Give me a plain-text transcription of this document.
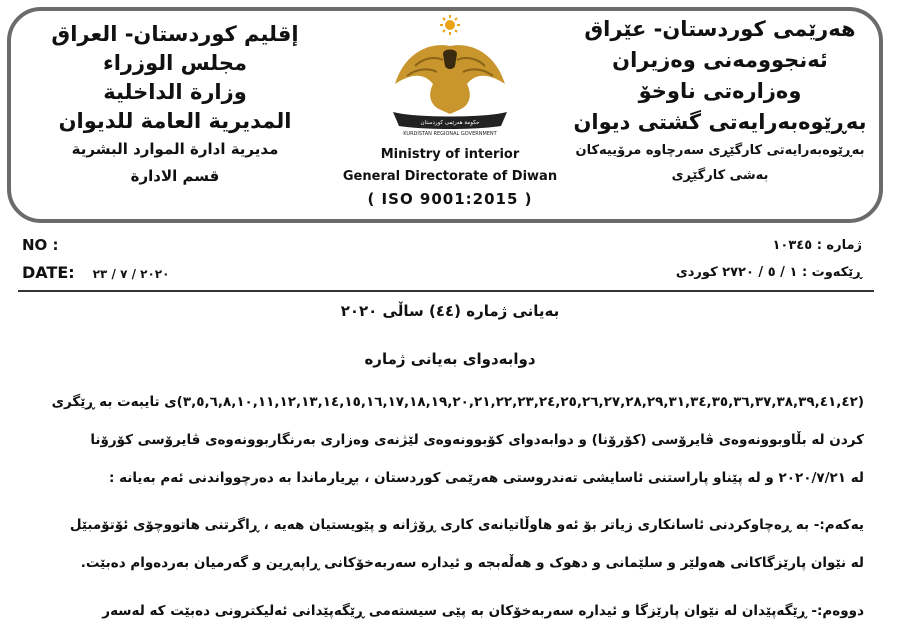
إقليم كوردستان- العراق
مجلس الوزراء
وزارة الداخلية
المديرية العامة للديوان
مديرية ادارة الموارد البشرية
قسم الادارة
هەرێمی کوردستان- عێراق
ئەنجوومەنی وەزیران
وەزارەتی ناوخۆ
بەڕێوەبەرایەتی گشتی دیوان
بەڕێوەبەرایەتی کارگێڕی سەرچاوە مرۆییەکان
بەشی کارگێڕی
حكومة هەرێمی کوردستان
KURDISTAN REGIONAL GOVERNMENT
Ministry of interior
General Directorate of Diwan
( ISO 9001:2015 )
NO :
DATE: ٢٠٢٠ / ٧ / ٢٣
ژمارە : ١٠٣٤٥
ڕێکەوت : ١ / ٥ / ٢٧٢٠ کوردی
بەیانی ژمارە (٤٤) ساڵی ٢٠٢٠
دوابەدوای بەیانی ژمارە
(٣,٥,٦,٨,١٠,١١,١٢,١٣,١٤,١٥,١٦,١٧,١٨,١٩,٢٠,٢١,٢٢,٢٣,٢٤,٢٥,٢٦,٢٧,٢٨,٢٩,٣١,٣٤,٣٥,٣٦,٣٧,٣٨,٣٩,٤١,٤٢)ی تایبەت بە ڕێگری
کردن لە بڵاوبوونەوەی ڤایرۆسی (کۆرۆنا) و دوابەدوای کۆبوونەوەی لێژنەی وەزاری بەرنگاربوونەوەی ڤایرۆسی کۆرۆنا
لە ٢٠٢٠/٧/٢١ و لە پێناو پاراستنی ئاسایشی تەندروستی هەرێمی کوردستان ، بڕیارماندا بە دەرچوواندنی ئەم بەیانە :
یەکەم:- بە ڕەچاوکردنی ئاسانکاری زیاتر بۆ ئەو هاوڵاتیانەی کاری ڕۆژانە و پێویستیان هەیە ، ڕاگرتنی هاتووچۆی ئۆتۆمبێل
لە نێوان پارێزگاکانی هەولێر و سلێمانی و دهوک و هەڵەبجە و ئیدارە سەربەخۆکانی ڕاپەڕین و گەرمیان بەردەوام دەبێت.
دووەم:- ڕێگەپێدان لە نێوان پارێزگا و ئیدارە سەربەخۆکان بە پێی سیستەمی ڕێگەپێدانی ئەلیکترونی دەبێت کە لەسەر
